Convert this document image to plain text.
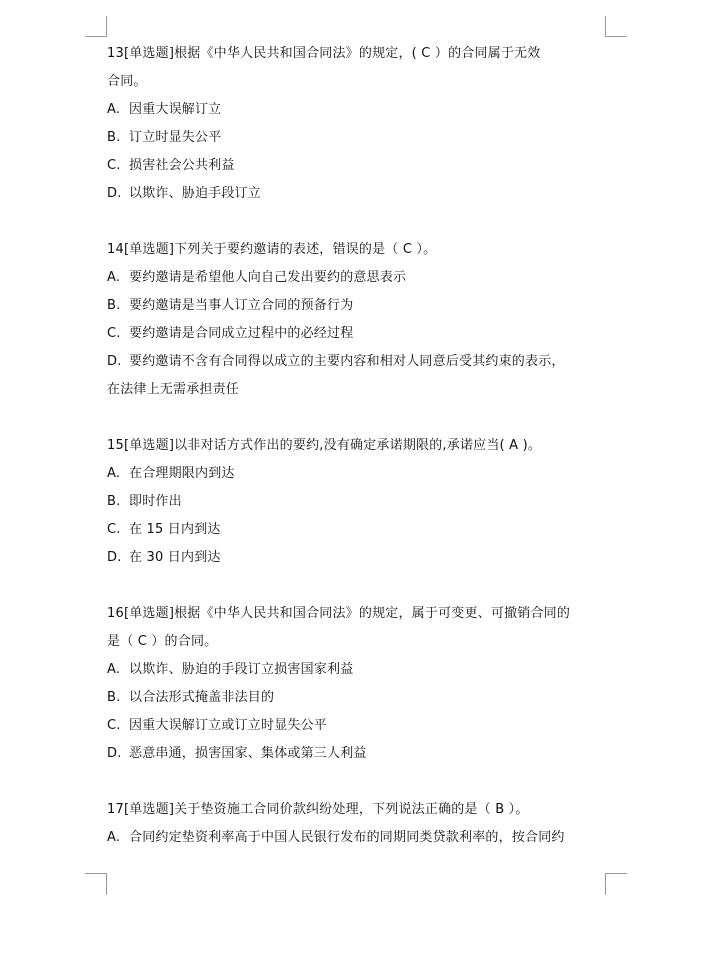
13[单选题]根据《中华人民共和国合同法》的规定，( C ）的合同属于无效
合同。
A. 因重大误解订立
B. 订立时显失公平
C. 损害社会公共利益
D. 以欺诈、胁迫手段订立
14[单选题]下列关于要约邀请的表述，错误的是（ C ）。
A. 要约邀请是希望他人向自己发出要约的意思表示
B. 要约邀请是当事人订立合同的预备行为
C. 要约邀请是合同成立过程中的必经过程
D. 要约邀请不含有合同得以成立的主要内容和相对人同意后受其约束的表示，
在法律上无需承担责任
15[单选题]以非对话方式作出的要约,没有确定承诺期限的,承诺应当( A )。
A. 在合理期限内到达
B. 即时作出
C. 在 15 日内到达
D. 在 30 日内到达
16[单选题]根据《中华人民共和国合同法》的规定，属于可变更、可撤销合同的
是（ C ）的合同。
A. 以欺诈、胁迫的手段订立损害国家利益
B. 以合法形式掩盖非法目的
C. 因重大误解订立或订立时显失公平
D. 恶意串通，损害国家、集体或第三人利益
17[单选题]关于垫资施工合同价款纠纷处理，下列说法正确的是（ B ）。
A. 合同约定垫资利率高于中国人民银行发布的同期同类贷款利率的，按合同约
